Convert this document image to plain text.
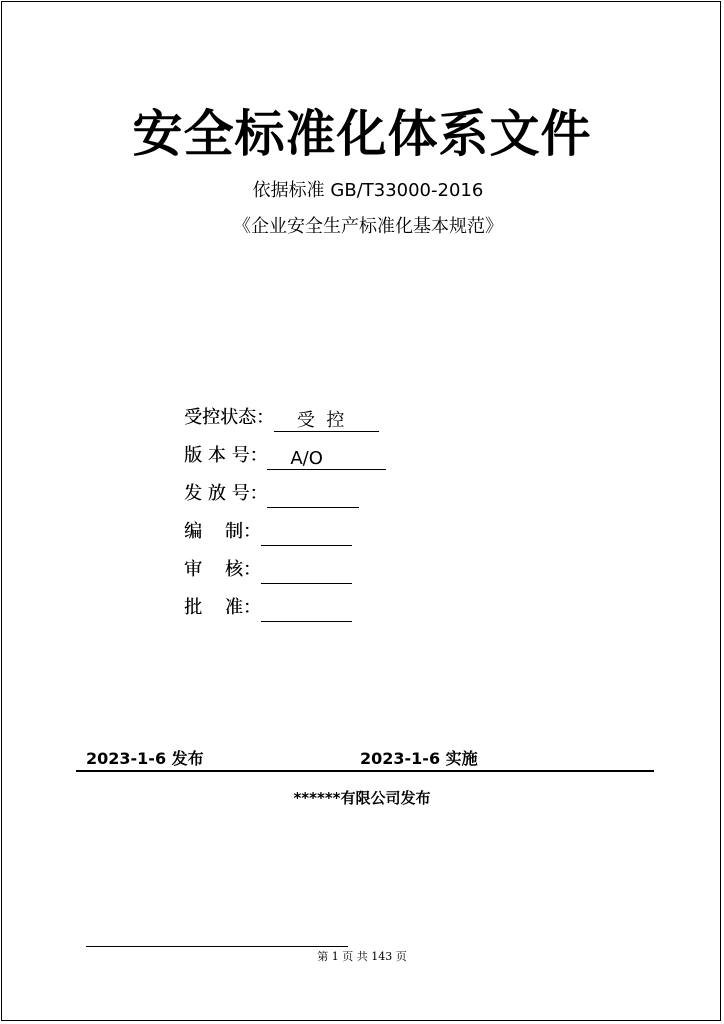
安全标准化体系文件
依据标准 GB/T33000-2016
《企业安全生产标准化基本规范》
受控状态： 受  控
版 本 号： A/O
发 放 号：

编    制：

审    核：

批    准：

2023-1-6 发布	2023-1-6 实施
******有限公司发布
第 1 页 共 143 页
